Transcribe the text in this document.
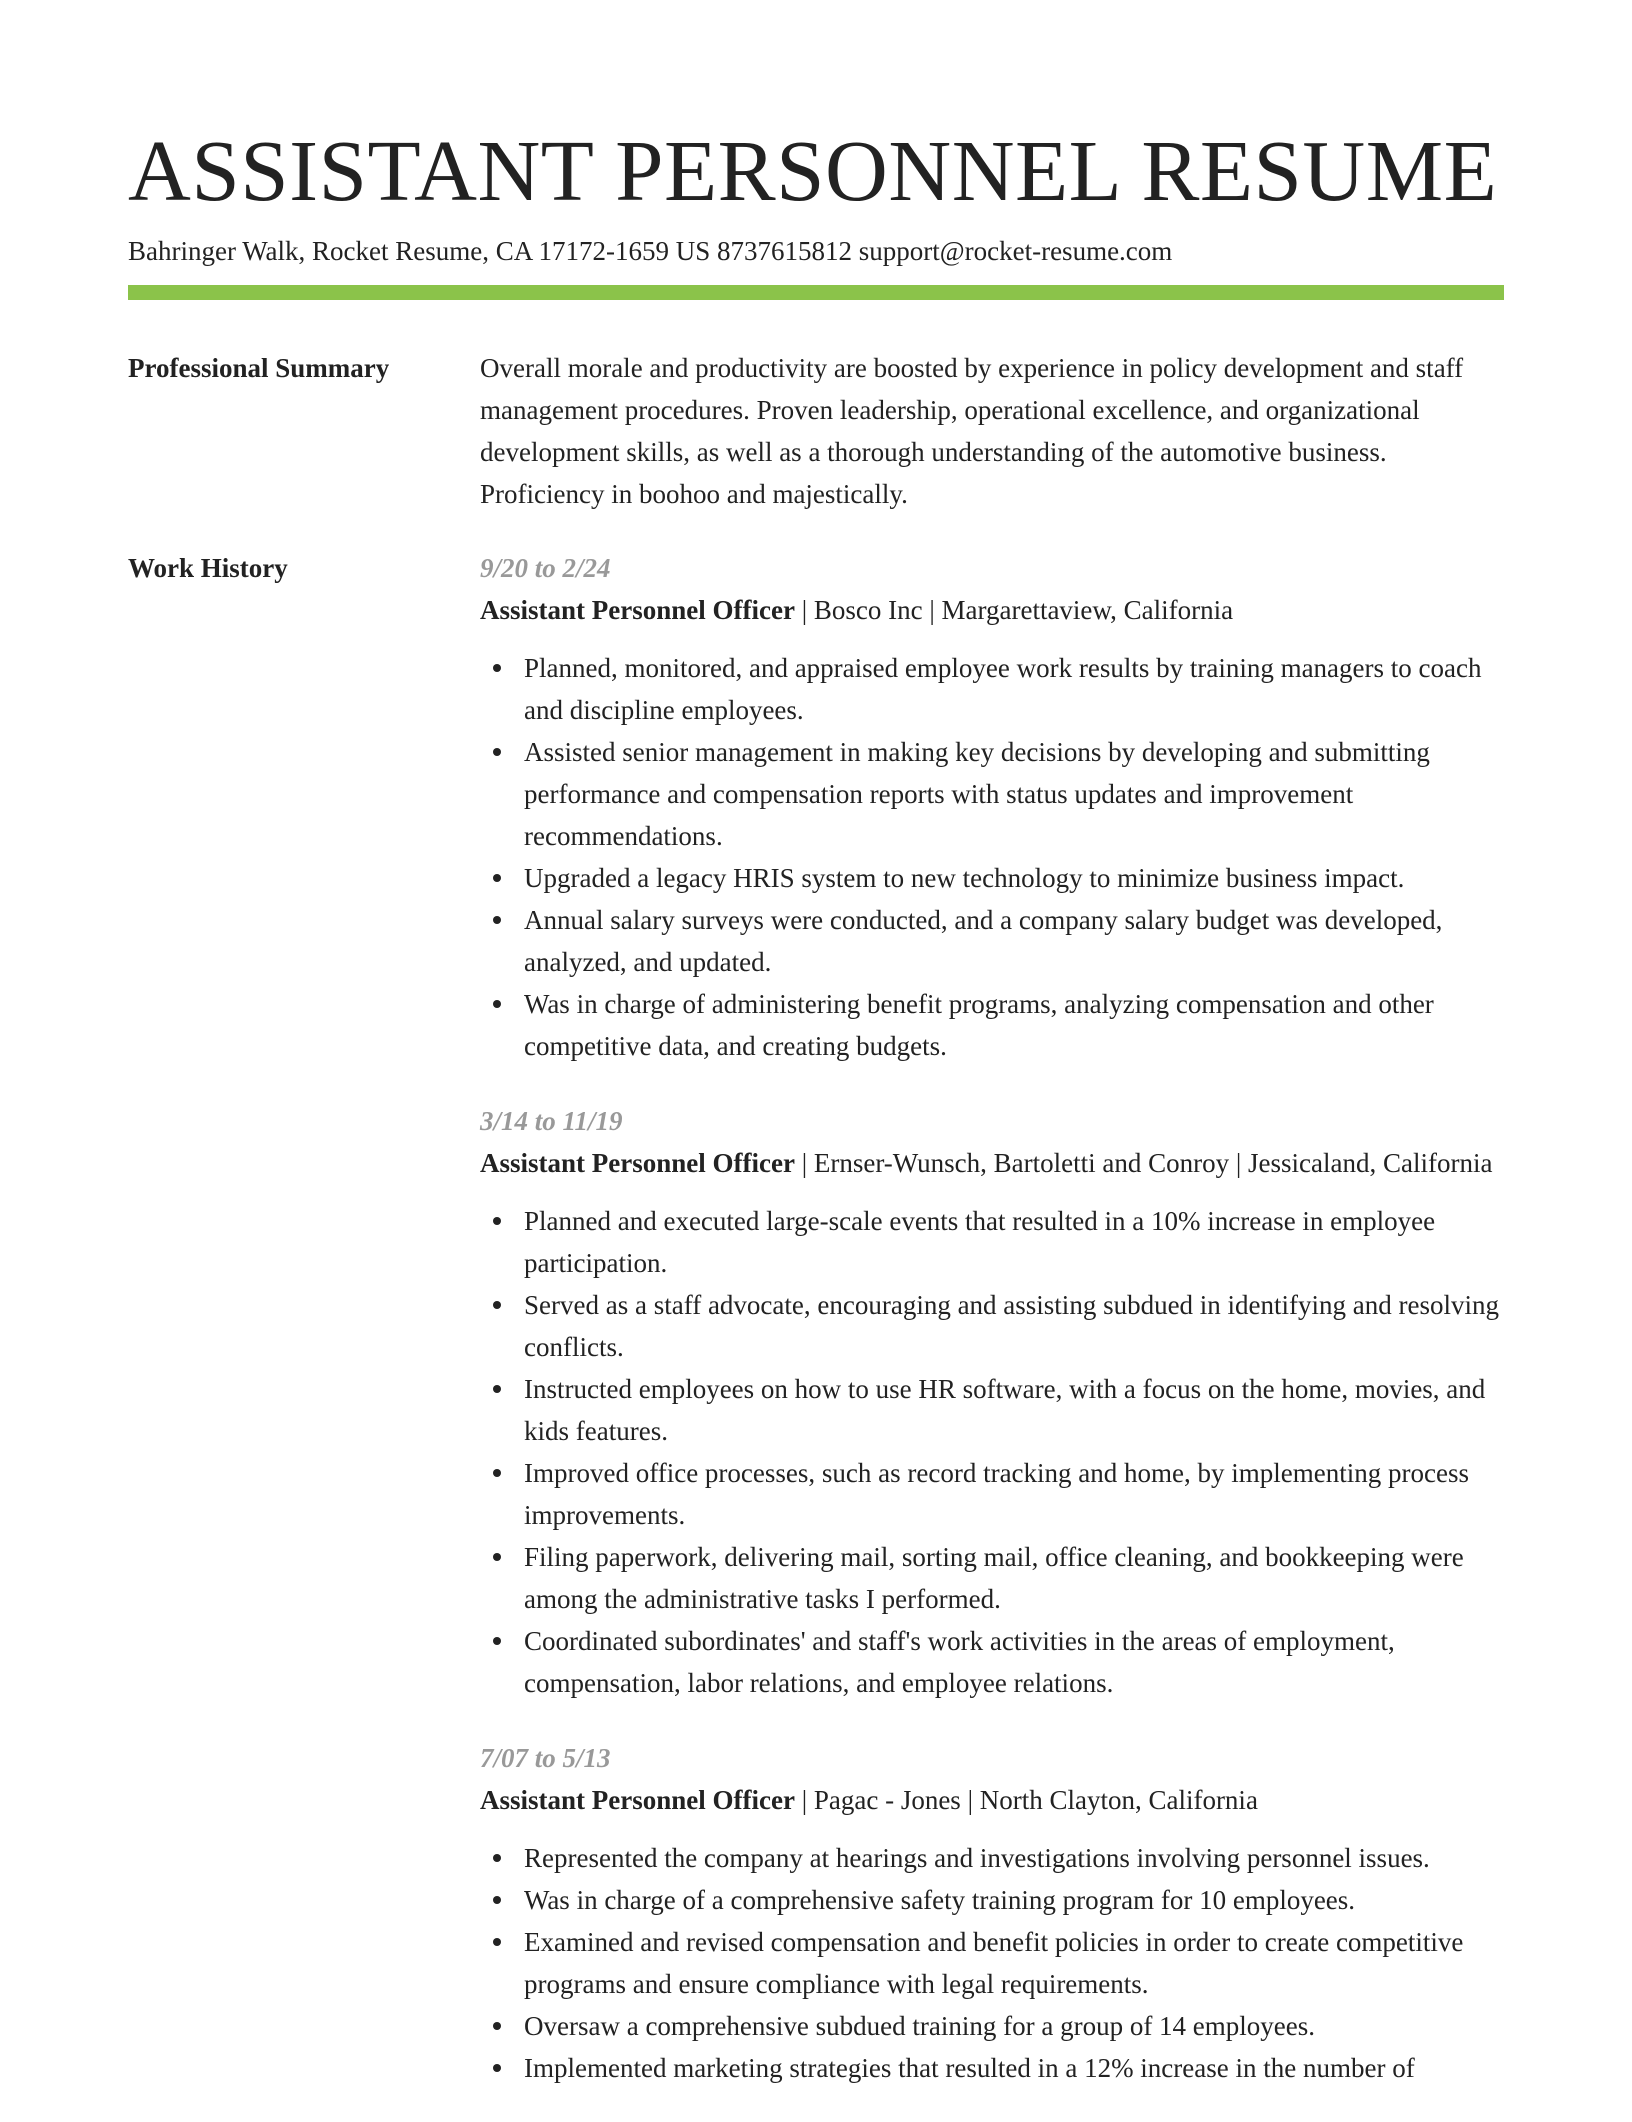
ASSISTANT PERSONNEL RESUME
Bahringer Walk, Rocket Resume, CA 17172-1659 US 8737615812 support@rocket-resume.com
Professional Summary	Overall morale and productivity are boosted by experience in policy development and staff management procedures. Proven leadership, operational excellence, and organizational development skills, as well as a thorough understanding of the automotive business. Proficiency in boohoo and majestically.

Work History	9/20 to 2/24
Assistant Personnel Officer | Bosco Inc | Margarettaview, California
Planned, monitored, and appraised employee work results by training managers to coach and discipline employees.
Assisted senior management in making key decisions by developing and submitting performance and compensation reports with status updates and improvement recommendations.
Upgraded a legacy HRIS system to new technology to minimize business impact.
Annual salary surveys were conducted, and a company salary budget was developed, analyzed, and updated.
Was in charge of administering benefit programs, analyzing compensation and other competitive data, and creating budgets.
3/14 to 11/19
Assistant Personnel Officer | Ernser-Wunsch, Bartoletti and Conroy | Jessicaland, California
Planned and executed large-scale events that resulted in a 10% increase in employee participation.
Served as a staff advocate, encouraging and assisting subdued in identifying and resolving conflicts.
Instructed employees on how to use HR software, with a focus on the home, movies, and kids features.
Improved office processes, such as record tracking and home, by implementing process improvements.
Filing paperwork, delivering mail, sorting mail, office cleaning, and bookkeeping were among the administrative tasks I performed.
Coordinated subordinates' and staff's work activities in the areas of employment, compensation, labor relations, and employee relations.
7/07 to 5/13
Assistant Personnel Officer | Pagac - Jones | North Clayton, California
Represented the company at hearings and investigations involving personnel issues.
Was in charge of a comprehensive safety training program for 10 employees.
Examined and revised compensation and benefit policies in order to create competitive programs and ensure compliance with legal requirements.
Oversaw a comprehensive subdued training for a group of 14 employees.
Implemented marketing strategies that resulted in a 12% increase in the number of
